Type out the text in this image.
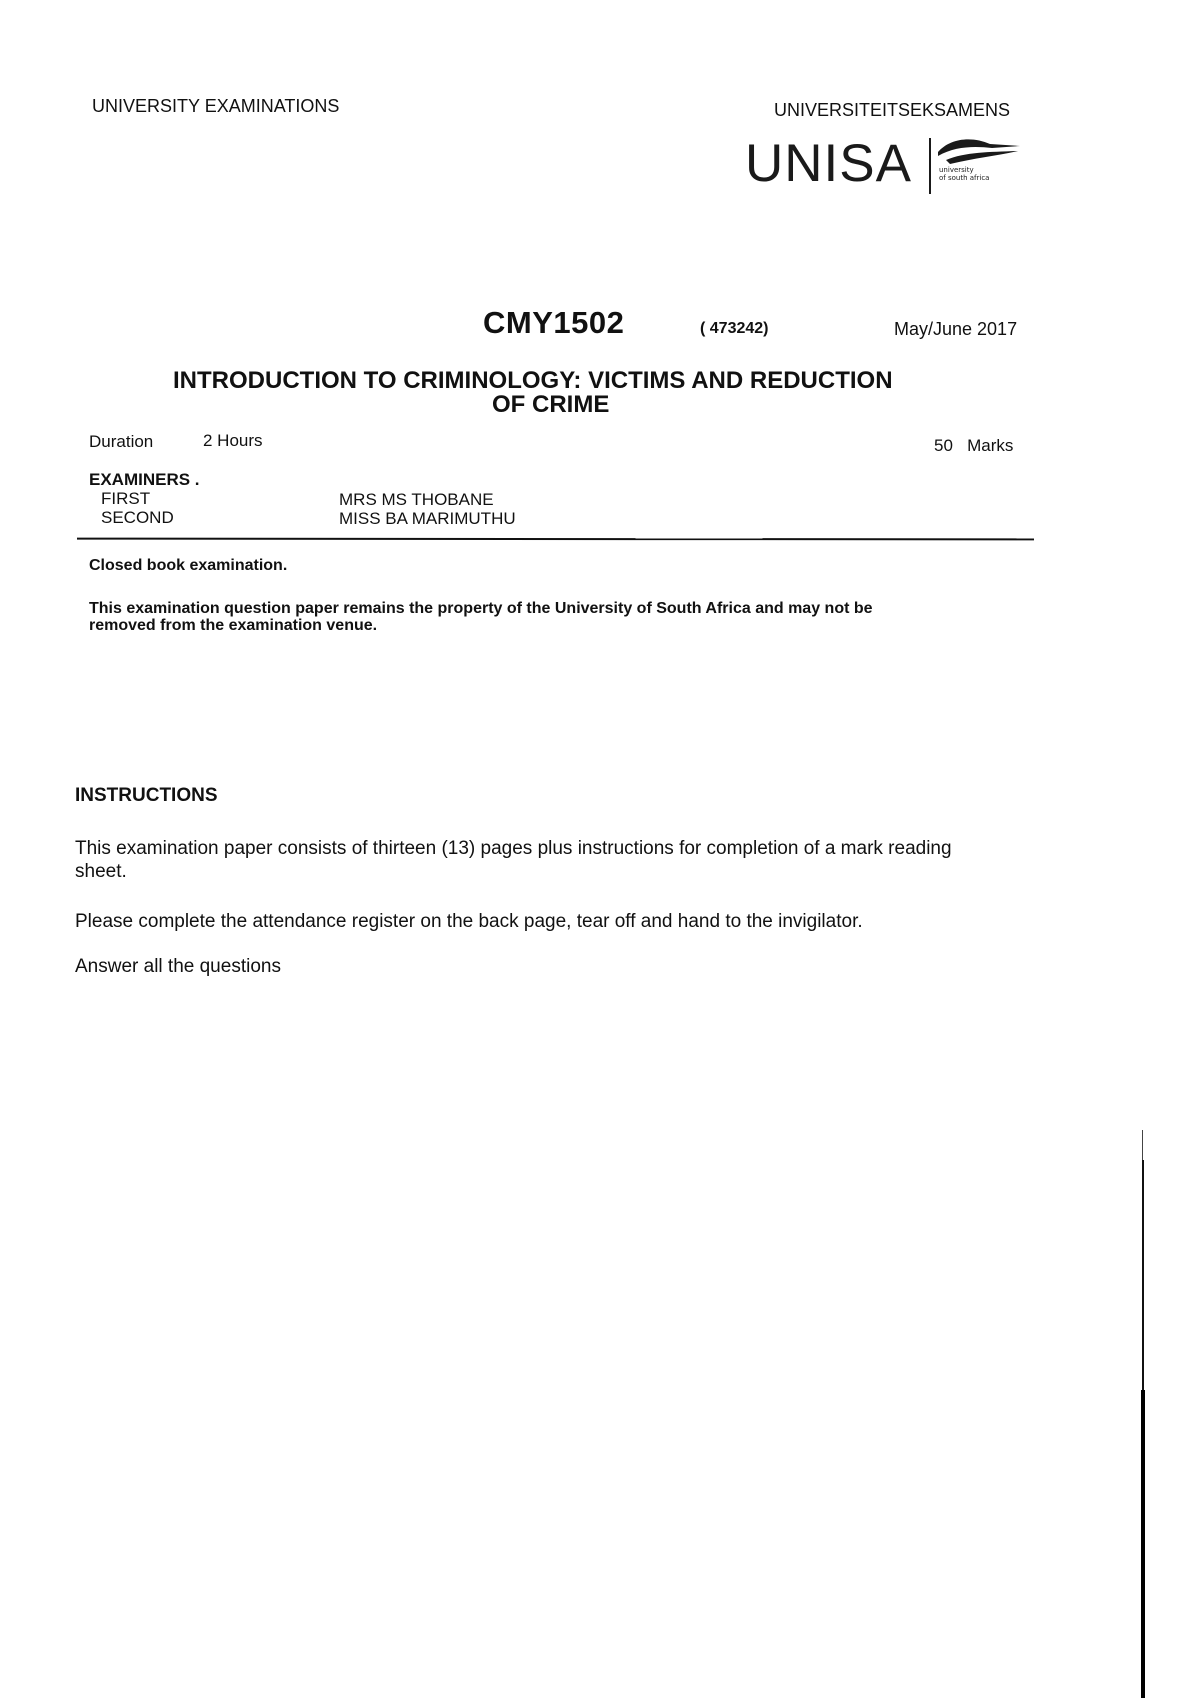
UNIVERSITY EXAMINATIONS	UNIVERSITEITSEKSAMENS
UNISA	university
of south africa
CMY1502	( 473242)	May/June 2017
INTRODUCTION TO CRIMINOLOGY: VICTIMS AND REDUCTION
OF CRIME
Duration	2 Hours	50   Marks
EXAMINERS .
FIRST	MRS MS THOBANE
SECOND	MISS BA MARIMUTHU
Closed book examination.
This examination question paper remains the property of the University of South Africa and may not be
removed from the examination venue.
INSTRUCTIONS
This examination paper consists of thirteen (13) pages plus instructions for completion of a mark reading
sheet.
Please complete the attendance register on the back page, tear off and hand to the invigilator.
Answer all the questions
